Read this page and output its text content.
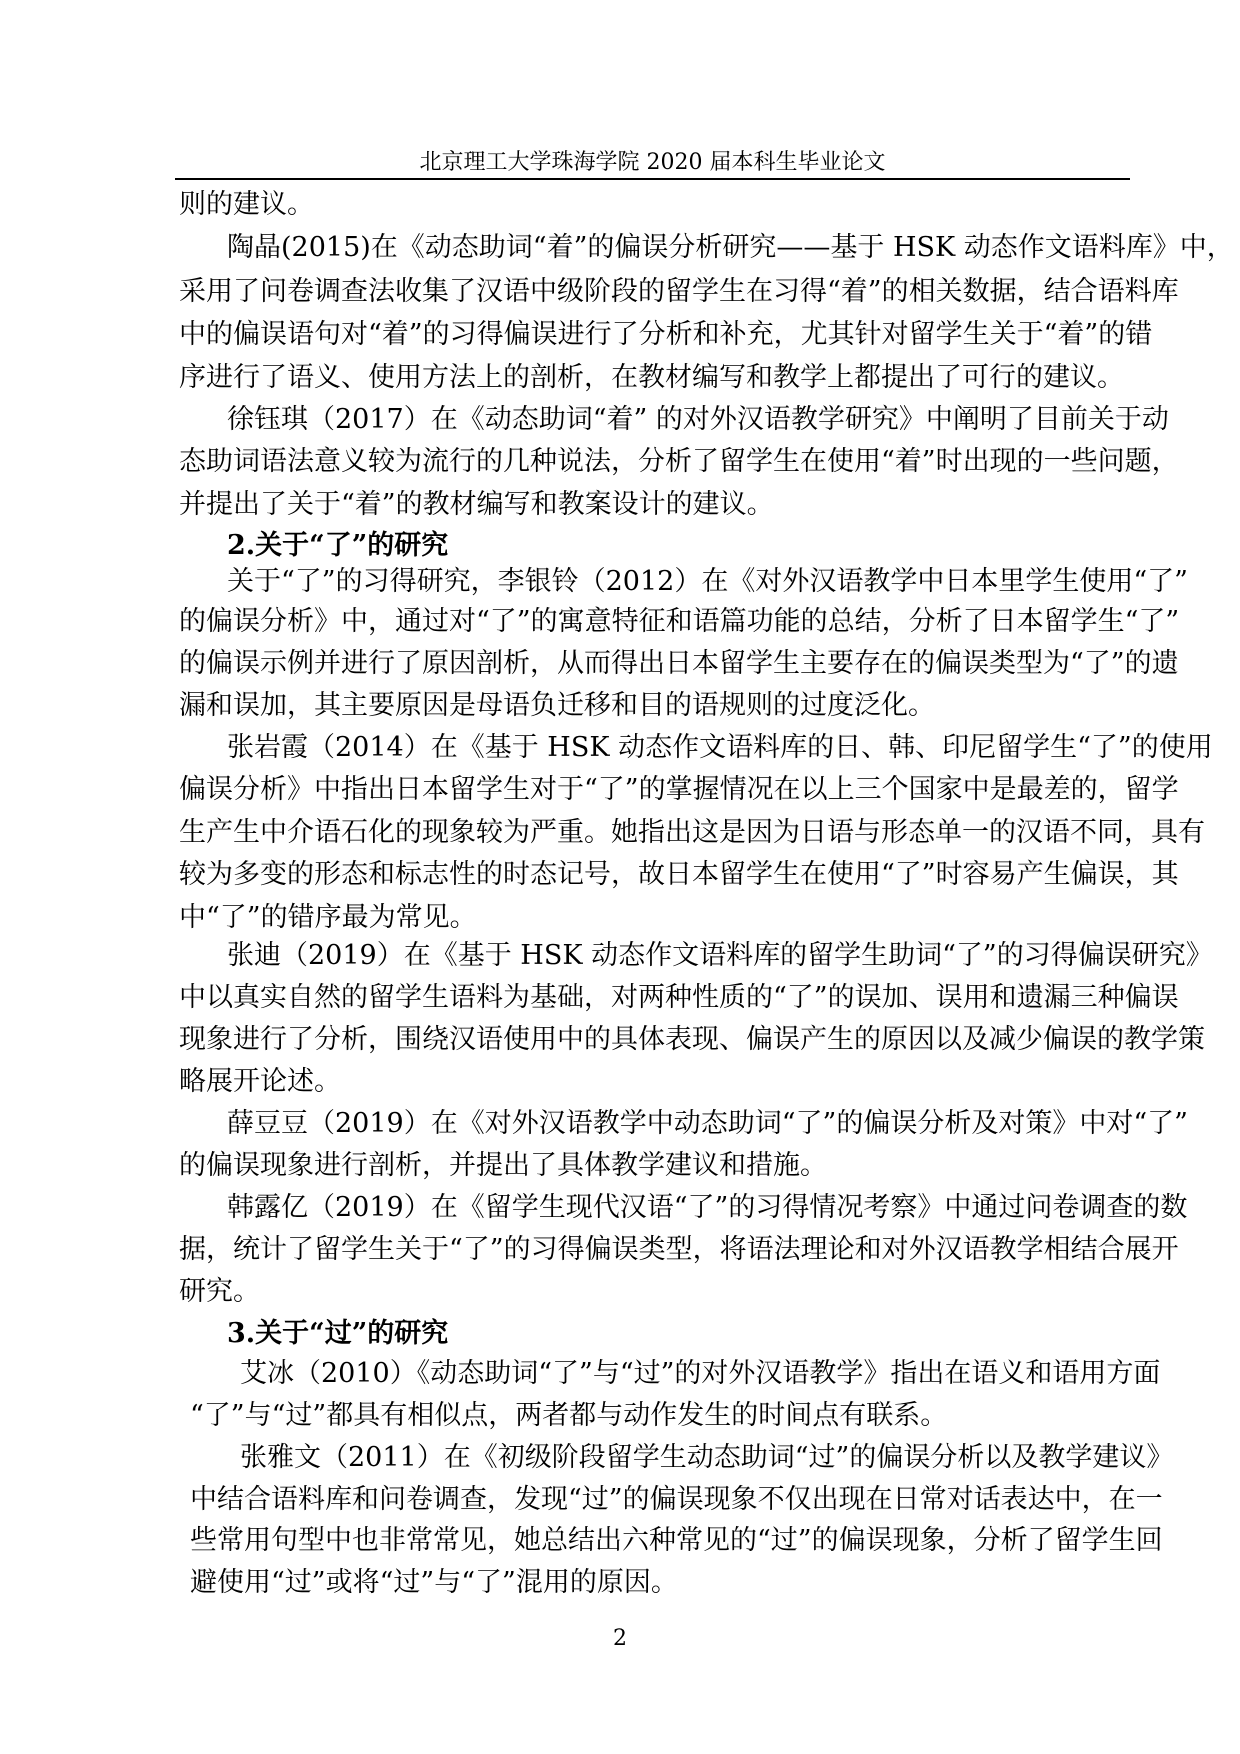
北京理工大学珠海学院 2020 届本科生毕业论文
则的建议。
陶晶(2015)在《动态助词“着”的偏误分析研究——基于 HSK 动态作文语料库》中，
采用了问卷调查法收集了汉语中级阶段的留学生在习得“着”的相关数据，结合语料库
中的偏误语句对“着”的习得偏误进行了分析和补充，尤其针对留学生关于“着”的错
序进行了语义、使用方法上的剖析，在教材编写和教学上都提出了可行的建议。
徐钰琪（2017）在《动态助词“着” 的对外汉语教学研究》中阐明了目前关于动
态助词语法意义较为流行的几种说法，分析了留学生在使用“着”时出现的一些问题，
并提出了关于“着”的教材编写和教案设计的建议。
2.关于“了”的研究
关于“了”的习得研究，李银铃（2012）在《对外汉语教学中日本里学生使用“了”
的偏误分析》中，通过对“了”的寓意特征和语篇功能的总结，分析了日本留学生“了”
的偏误示例并进行了原因剖析，从而得出日本留学生主要存在的偏误类型为“了”的遗
漏和误加，其主要原因是母语负迁移和目的语规则的过度泛化。
张岩霞（2014）在《基于 HSK 动态作文语料库的日、韩、印尼留学生“了”的使用
偏误分析》中指出日本留学生对于“了”的掌握情况在以上三个国家中是最差的，留学
生产生中介语石化的现象较为严重。她指出这是因为日语与形态单一的汉语不同，具有
较为多变的形态和标志性的时态记号，故日本留学生在使用“了”时容易产生偏误，其
中“了”的错序最为常见。
张迪（2019）在《基于 HSK 动态作文语料库的留学生助词“了”的习得偏误研究》
中以真实自然的留学生语料为基础，对两种性质的“了”的误加、误用和遗漏三种偏误
现象进行了分析，围绕汉语使用中的具体表现、偏误产生的原因以及减少偏误的教学策
略展开论述。
薛豆豆（2019）在《对外汉语教学中动态助词“了”的偏误分析及对策》中对“了”
的偏误现象进行剖析，并提出了具体教学建议和措施。
韩露亿（2019）在《留学生现代汉语“了”的习得情况考察》中通过问卷调查的数
据，统计了留学生关于“了”的习得偏误类型，将语法理论和对外汉语教学相结合展开
研究。
3.关于“过”的研究
艾冰（2010）《动态助词“了”与“过”的对外汉语教学》指出在语义和语用方面
“了”与“过”都具有相似点，两者都与动作发生的时间点有联系。
张雅文（2011）在《初级阶段留学生动态助词“过”的偏误分析以及教学建议》
中结合语料库和问卷调查，发现“过”的偏误现象不仅出现在日常对话表达中，在一
些常用句型中也非常常见，她总结出六种常见的“过”的偏误现象，分析了留学生回
避使用“过”或将“过”与“了”混用的原因。
2
